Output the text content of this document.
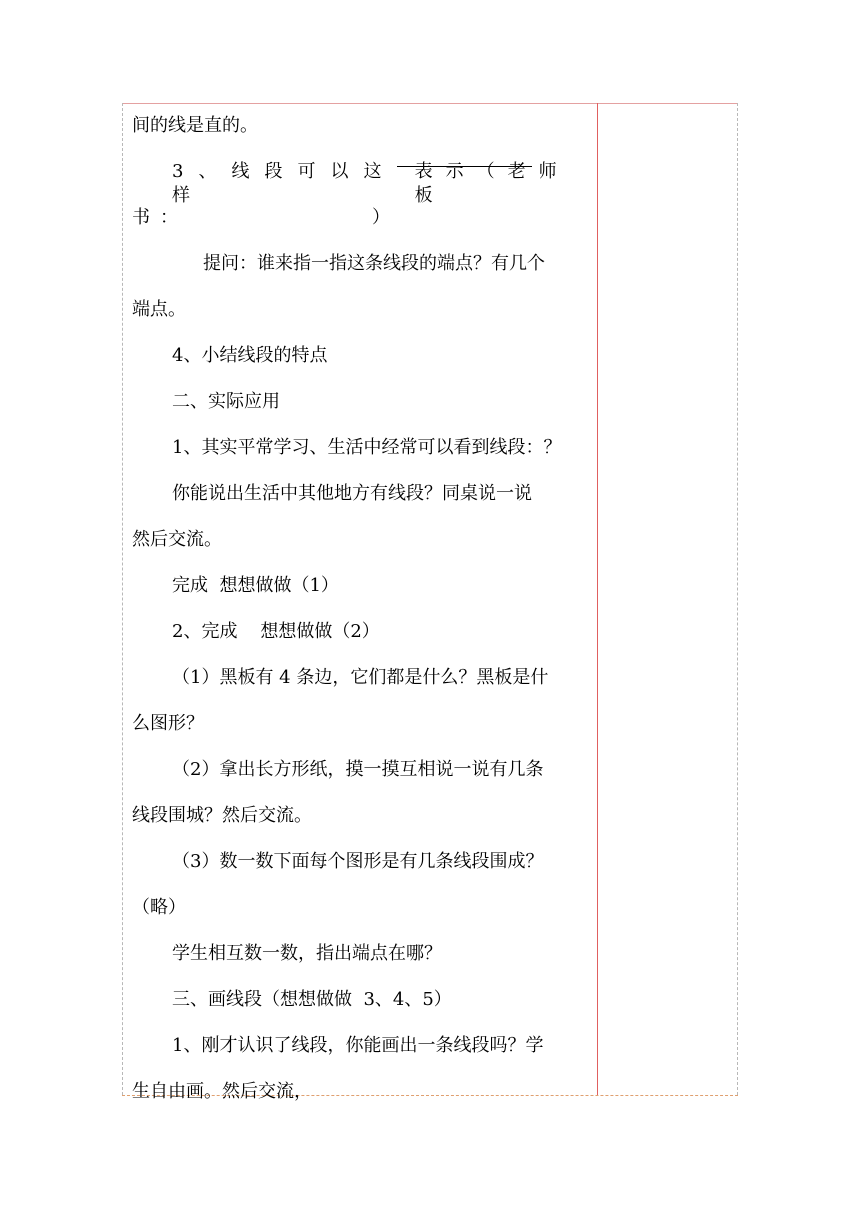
间的线是直的。
3、线段可以这样
表示（老师板
书：	）
提问：谁来指一指这条线段的端点？有几个
端点。
4、小结线段的特点
二、实际应用
1、其实平常学习、生活中经常可以看到线段：？
你能说出生活中其他地方有线段？同桌说一说
然后交流。
完成  想想做做（1）
2、完成    想想做做（2）
（1）黑板有 4 条边，它们都是什么？黑板是什
么图形？
（2）拿出长方形纸，摸一摸互相说一说有几条
线段围城？然后交流。
（3）数一数下面每个图形是有几条线段围成？
（略）
学生相互数一数，指出端点在哪？
三、画线段（想想做做  3、4、5）
1、刚才认识了线段，你能画出一条线段吗？学
生自由画。然后交流，
